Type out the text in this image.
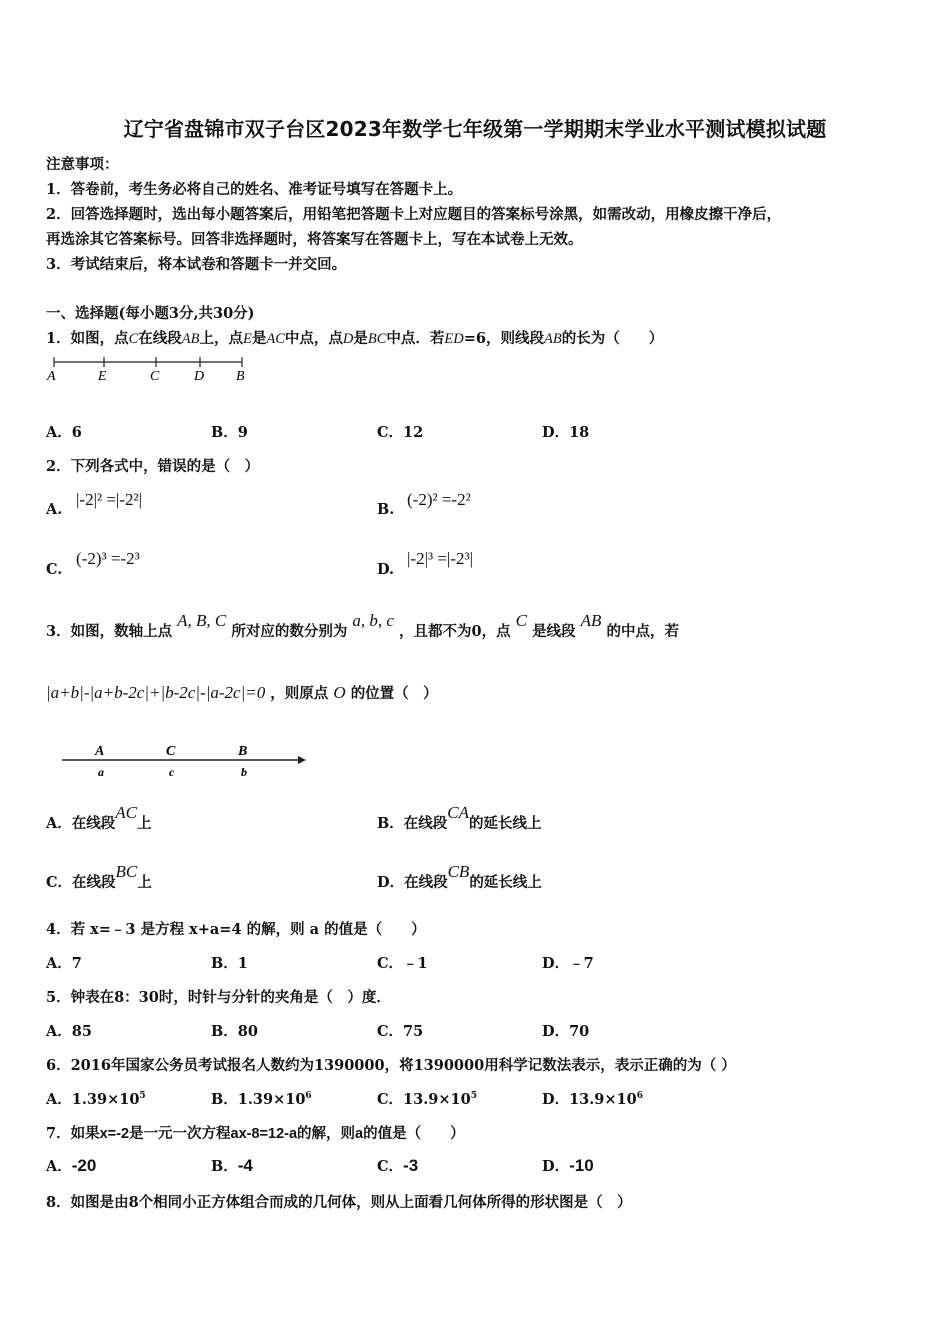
辽宁省盘锦市双子台区2023年数学七年级第一学期期末学业水平测试模拟试题
注意事项：
1．答卷前，考生务必将自己的姓名、准考证号填写在答题卡上。
2．回答选择题时，选出每小题答案后，用铅笔把答题卡上对应题目的答案标号涂黑，如需改动，用橡皮擦干净后，
再选涂其它答案标号。回答非选择题时，将答案写在答题卡上，写在本试卷上无效。
3．考试结束后，将本试卷和答题卡一并交回。
一、选择题(每小题3分,共30分)
1．如图，点C在线段AB上，点E是AC中点，点D是BC中点．若ED=6，则线段AB的长为（　　）
A	E	C D B
A．6	B．9	C．12	D．18
2．下列各式中，错误的是（　）
A.
|-2|² =|-2²|
B.
(-2)² =-2²
C.
(-2)³ =-2³
D.
|-2|³ =|-2³|
3．如图，数轴上点 A, B, C 所对应的数分别为 a, b, c ，且都不为0，点 C 是线段 AB 的中点，若
|a+b|-|a+b-2c|+|b-2c|-|a-2c|=0 ，则原点 O 的位置（　）
A	C	B
a	c	b
A．在线段AC上	B．在线段CA的延长线上
C．在线段BC上	D．在线段CB的延长线上
4．若 x=﹣3 是方程 x+a=4 的解，则 a 的值是（　　）
A．7	B．1	C．﹣1	D．﹣7
5．钟表在8：30时，时针与分针的夹角是（　）度．
A．85	B．80	C．75	D．70
6．2016年国家公务员考试报名人数约为1390000，将1390000用科学记数法表示，表示正确的为（ ）
A．$1.39\times 10^5$	B．$1.39\times 10^6$	C．$13.9\times 10^5$	D．$13.9\times 10^6$
7．如果x=-2是一元一次方程ax-8=12-a的解，则a的值是（　　）
A．-20	B．-4	C．-3	D．-10
8．如图是由8个相同小正方体组合而成的几何体，则从上面看几何体所得的形状图是（　）
